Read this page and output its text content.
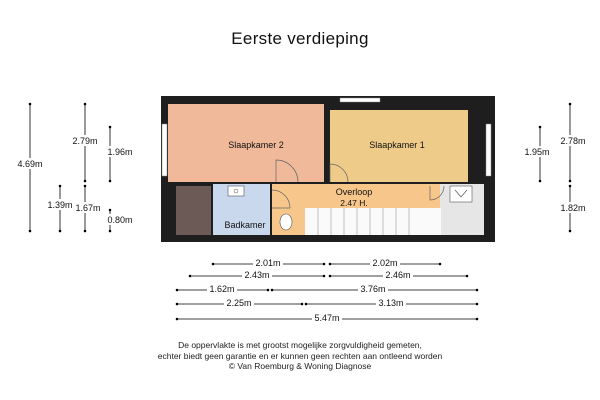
Eerste verdieping
Slaapkamer 2	Slaapkamer 1
Overloop
2.47 H.
Badkamer
4.69m
2.79m
1.96m
1.39m 1.67m
0.80m
2.78m
1.95m
1.82m
2.01m	2.02m
2.43m	2.46m
1.62m	3.76m
2.25m	3.13m
5.47m
De oppervlakte is met grootst mogelijke zorgvuldigheid gemeten,
echter biedt geen garantie en er kunnen geen rechten aan ontleend worden
© Van Roemburg & Woning Diagnose
